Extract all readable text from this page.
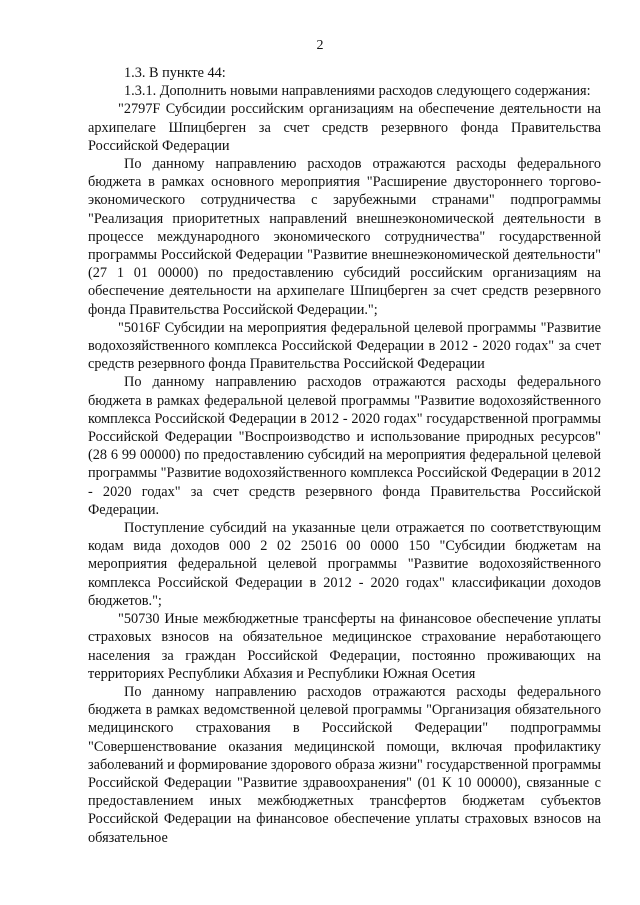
2

1.3. В пункте 44:

1.3.1. Дополнить новыми направлениями расходов следующего содержания:

"2797F Субсидии российским организациям на обеспечение деятельности на архипелаге Шпицберген за счет средств резервного фонда Правительства Российской Федерации

По данному направлению расходов отражаются расходы федерального бюджета в рамках основного мероприятия "Расширение двустороннего торгово-экономического сотрудничества с зарубежными странами" подпрограммы "Реализация приоритетных направлений внешнеэкономической деятельности в процессе международного экономического сотрудничества" государственной программы Российской Федерации "Развитие внешнеэкономической деятельности" (27 1 01 00000) по предоставлению субсидий российским организациям на обеспечение деятельности на архипелаге Шпицберген за счет средств резервного фонда Правительства Российской Федерации.";

"5016F Субсидии на мероприятия федеральной целевой программы "Развитие водохозяйственного комплекса Российской Федерации в 2012 - 2020 годах" за счет средств резервного фонда Правительства Российской Федерации

По данному направлению расходов отражаются расходы федерального бюджета в рамках федеральной целевой программы "Развитие водохозяйственного комплекса Российской Федерации в 2012 - 2020 годах" государственной программы Российской Федерации "Воспроизводство и использование природных ресурсов" (28 6 99 00000) по предоставлению субсидий на мероприятия федеральной целевой программы "Развитие водохозяйственного комплекса Российской Федерации в 2012 - 2020 годах" за счет средств резервного фонда Правительства Российской Федерации.

Поступление субсидий на указанные цели отражается по соответствующим кодам вида доходов 000 2 02 25016 00 0000 150 "Субсидии бюджетам на мероприятия федеральной целевой программы "Развитие водохозяйственного комплекса Российской Федерации в 2012 - 2020 годах" классификации доходов бюджетов.";

"50730 Иные межбюджетные трансферты на финансовое обеспечение уплаты страховых взносов на обязательное медицинское страхование неработающего населения за граждан Российской Федерации, постоянно проживающих на территориях Республики Абхазия и Республики Южная Осетия

По данному направлению расходов отражаются расходы федерального бюджета в рамках ведомственной целевой программы "Организация обязательного медицинского страхования в Российской Федерации" подпрограммы "Совершенствование оказания медицинской помощи, включая профилактику заболеваний и формирование здорового образа жизни" государственной программы Российской Федерации "Развитие здравоохранения" (01 К 10 00000), связанные с предоставлением иных межбюджетных трансфертов бюджетам субъектов Российской Федерации на финансовое обеспечение уплаты страховых взносов на обязательное
